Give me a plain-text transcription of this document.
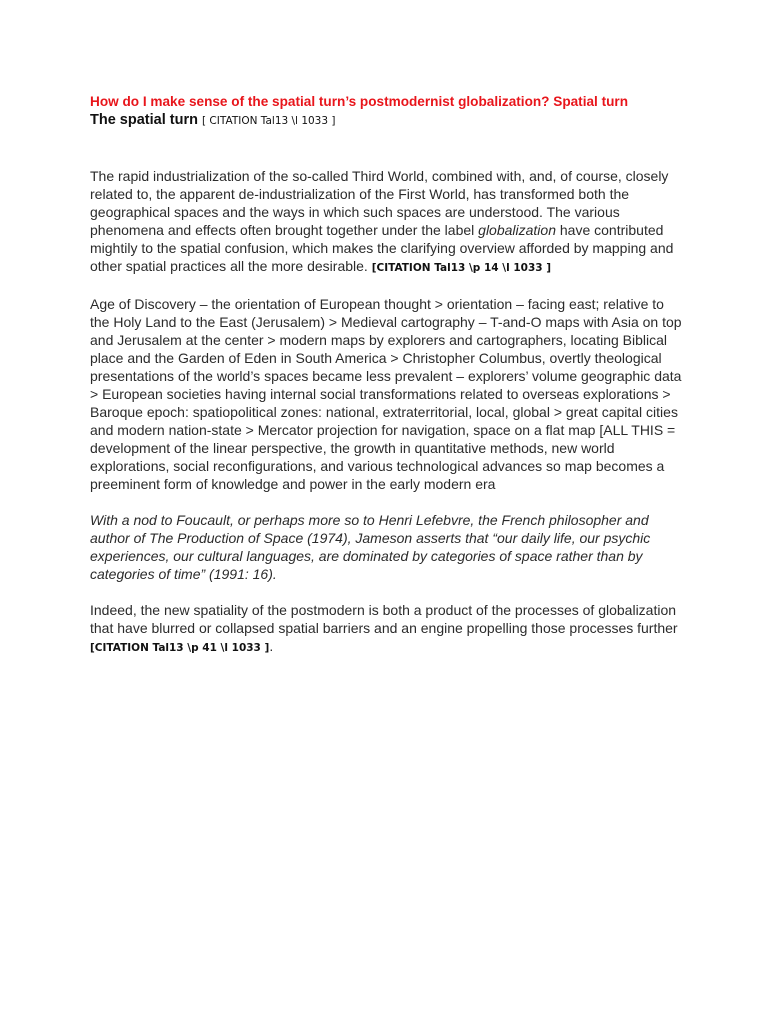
How do I make sense of the spatial turn’s postmodernist globalization? Spatial turn

The spatial turn [ CITATION Tal13 \l 1033 ]

The rapid industrialization of the so-called Third World, combined with, and, of course, closely related to, the apparent de-industrialization of the First World, has transformed both the geographical spaces and the ways in which such spaces are understood. The various phenomena and effects often brought together under the label globalization have contributed mightily to the spatial confusion, which makes the clarifying overview afforded by mapping and other spatial practices all the more desirable. [CITATION Tal13 \p 14 \l 1033 ]

Age of Discovery – the orientation of European thought > orientation – facing east; relative to the Holy Land to the East (Jerusalem) > Medieval cartography – T-and-O maps with Asia on top and Jerusalem at the center > modern maps by explorers and cartographers, locating Biblical place and the Garden of Eden in South America > Christopher Columbus, overtly theological presentations of the world’s spaces became less prevalent – explorers’ volume geographic data > European societies having internal social transformations related to overseas explorations > Baroque epoch: spatiopolitical zones: national, extraterritorial, local, global > great capital cities and modern nation-state > Mercator projection for navigation, space on a flat map [ALL THIS = development of the linear perspective, the growth in quantitative methods, new world explorations, social reconfigurations, and various technological advances so map becomes a preeminent form of knowledge and power in the early modern era

With a nod to Foucault, or perhaps more so to Henri Lefebvre, the French philosopher and author of The Production of Space (1974), Jameson asserts that “our daily life, our psychic experiences, our cultural languages, are dominated by categories of space rather than by categories of time” (1991: 16).

Indeed, the new spatiality of the postmodern is both a product of the processes of globalization that have blurred or collapsed spatial barriers and an engine propelling those processes further [CITATION Tal13 \p 41 \l 1033 ].
